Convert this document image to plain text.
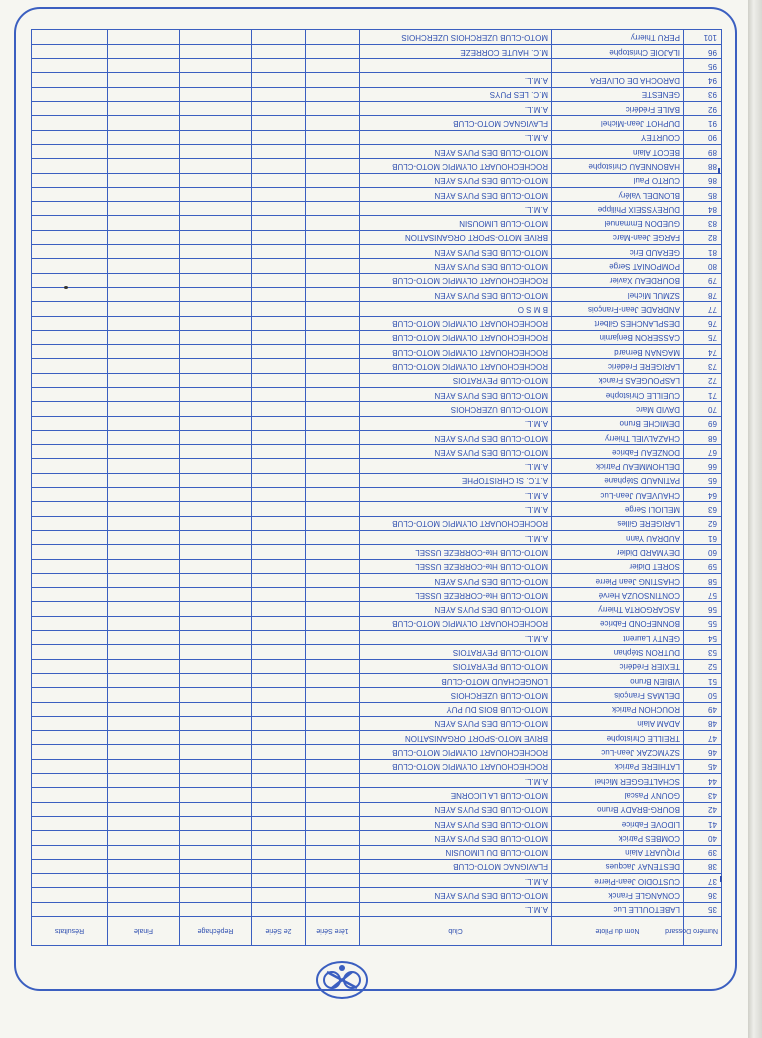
Numéro Dossard	Nom du Pilote	Club	1ère Série	2e Série	Repêchage	Finale	Résultats
35	LABETOULLE Luc	A.M.L.					
36	CONANGLE Franck	MOTO-CLUB DES PUYS AYEN					
37	CUSTODIO Jean-Pierre	A.M.L.					
38	DESTENAY Jacques	FLAVIGNAC MOTO-CLUB					
39	PIQUART Alain	MOTO-CLUB DU LIMOUSIN					
40	COMBES Patrick	MOTO-CLUB DES PUYS AYEN					
41	LIDOVE Fabrice	MOTO-CLUB DES PUYS AYEN					
42	BOURG-BRADY Bruno	MOTO-CLUB DES PUYS AYEN					
43	GOUNY Pascal	MOTO-CLUB LA LICORNE					
44	SCHALTEGGER Michel	A.M.L.					
45	LATHIERE Patrick	ROCHECHOUART OLYMPIC MOTO-CLUB					
46	SZYMCZAK Jean-Luc	ROCHECHOUART OLYMPIC MOTO-CLUB					
47	TREILLE Christophe	BRIVE MOTO-SPORT ORGANISATION					
48	ADAM Alain	MOTO-CLUB DES PUYS AYEN					
49	ROUCHON Patrick	MOTO-CLUB BOIS DU PUY					
50	DELMAS François	MOTO-CLUB UZERCHOIS					
51	VIBIEN Bruno	LONGECHAUD MOTO-CLUB					
52	TEXIER Frédéric	MOTO-CLUB PEYRATOIS					
53	DUTRON Stéphan	MOTO-CLUB PEYRATOIS					
54	GENTY Laurent	A.M.L.					
55	BONNEFOND Fabrice	ROCHECHOUART OLYMPIC MOTO-CLUB					
56	ASCARGORTA Thierry	MOTO-CLUB DES PUYS AYEN					
57	CONTINSOUZA Hervé	MOTO-CLUB Hte-CORREZE USSEL					
58	CHASTING Jean Pierre	MOTO-CLUB DES PUYS AYEN					
59	SORET Didier	MOTO-CLUB Hte-CORREZE USSEL					
60	DEYMARD Didier	MOTO-CLUB Hte-CORREZE USSEL					
61	AUDRAU Yann	A.M.L.					
62	LARIGERE Gilles	ROCHECHOUART OLYMPIC MOTO-CLUB					
63	MELIOLI Serge	A.M.L.					
64	CHAUVEAU Jean-Luc	A.M.L.					
65	PATINAUD Stéphane	A.T.C. St CHRISTOPHE					
66	DELHOMMEAU Patrick	A.M.L.					
67	DONZEAU Fabrice	MOTO-CLUB DES PUYS AYEN					
68	CHAZALVIEL Thierry	MOTO-CLUB DES PUYS AYEN					
69	DEMICHE Bruno	A.M.L.					
70	DAVID Marc	MOTO-CLUB UZERCHOIS					
71	CUEILLE Christophe	MOTO-CLUB DES PUYS AYEN					
72	LASPOUGEAS Franck	MOTO-CLUB PEYRATOIS					
73	LARIGERE Frédéric	ROCHECHOUART OLYMPIC MOTO-CLUB					
74	MAGNAN Bernard	ROCHECHOUART OLYMPIC MOTO-CLUB					
75	CASSERON Benjamin	ROCHECHOUART OLYMPIC MOTO-CLUB					
76	DESPLANCHES Gilbert	ROCHECHOUART OLYMPIC MOTO-CLUB					
77	ANDRADE Jean-François	B M S O					
78	SZMUL Michel	MOTO-CLUB DES PUYS AYEN					
79	BOURDEAU Xavier	ROCHECHOUART OLYMPIC MOTO-CLUB					
80	POMPONIAT Serge	MOTO-CLUB DES PUYS AYEN					
81	GERAUD Eric	MOTO-CLUB DES PUYS AYEN					
82	FARGE Jean-Marc	BRIVE MOTO-SPORT ORGANISATION					
83	GUEDON Emmanuel	MOTO-CLUB LIMOUSIN					
84	DUREYSSEIX Philippe	A.M.L.					
85	BLONDEL Valéry	MOTO-CLUB DES PUYS AYEN					
86	CURTO Paul	MOTO-CLUB DES PUYS AYEN					
88	HABONNEAU Christophe	ROCHECHOUART OLYMPIC MOTO-CLUB					
89	BECOT Alain	MOTO-CLUB DES PUYS AYEN					
90	COURTEY	A.M.L.					
91	DUPHOT Jean-Michel	FLAVIGNAC MOTO-CLUB					
92	BAILE Frédéric	A.M.L.					
93	GENESTE	M.C. LES PUYS					
94	DAROCHA DE OLIVERA	A.M.L.					
95							
96	ILAJOIE Christophe	M.C. HAUTE CORREZE					
101	PERU Thierry	MOTO-CLUB UZERCHOIS UZERCHOIS					
